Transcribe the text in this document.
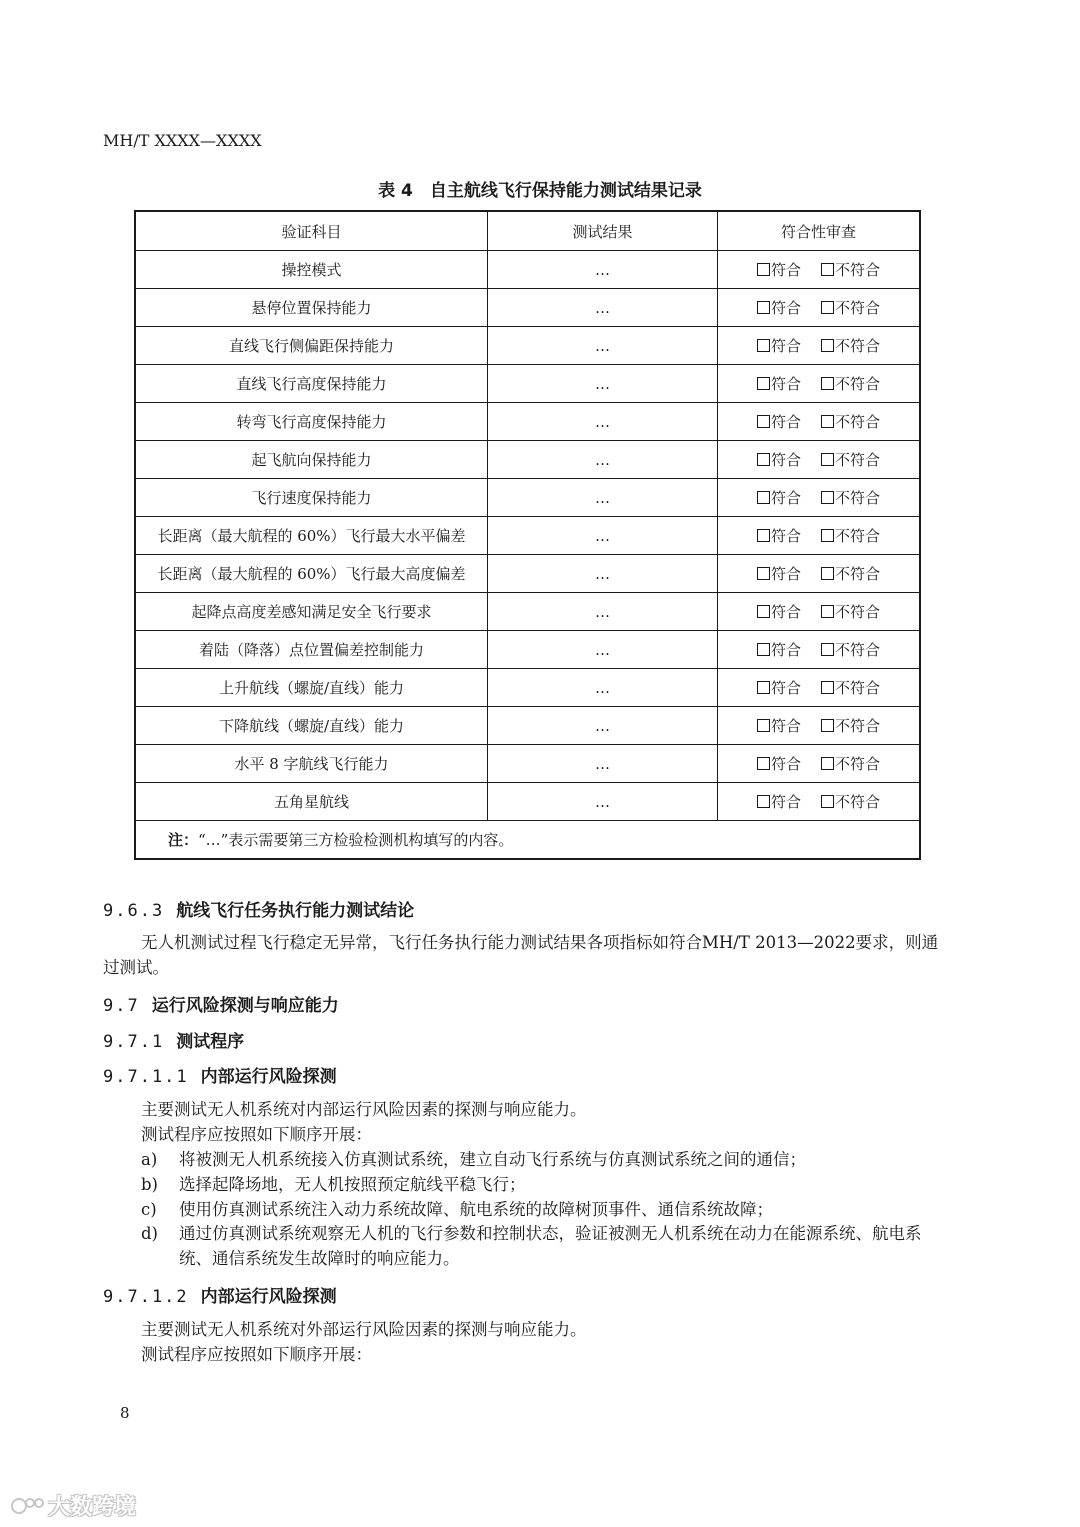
MH/T XXXX—XXXX
表 4　自主航线飞行保持能力测试结果记录
验证科目	测试结果	符合性审查
操控模式	…	符合 不符合
悬停位置保持能力	…	符合 不符合
直线飞行侧偏距保持能力	…	符合 不符合
直线飞行高度保持能力	…	符合 不符合
转弯飞行高度保持能力	…	符合 不符合
起飞航向保持能力	…	符合 不符合
飞行速度保持能力	…	符合 不符合
长距离（最大航程的 60%）飞行最大水平偏差	…	符合 不符合
长距离（最大航程的 60%）飞行最大高度偏差	…	符合 不符合
起降点高度差感知满足安全飞行要求	…	符合 不符合
着陆（降落）点位置偏差控制能力	…	符合 不符合
上升航线（螺旋/直线）能力	…	符合 不符合
下降航线（螺旋/直线）能力	…	符合 不符合
水平 8 字航线飞行能力	…	符合 不符合
五角星航线	…	符合 不符合
注：“…”表示需要第三方检验检测机构填写的内容。		
9.6.3 航线飞行任务执行能力测试结论
无人机测试过程飞行稳定无异常，飞行任务执行能力测试结果各项指标如符合MH/T 2013—2022要求，则通过测试。
9.7 运行风险探测与响应能力
9.7.1 测试程序
9.7.1.1 内部运行风险探测
主要测试无人机系统对内部运行风险因素的探测与响应能力。
测试程序应按照如下顺序开展：
a) 将被测无人机系统接入仿真测试系统，建立自动飞行系统与仿真测试系统之间的通信；
b) 选择起降场地，无人机按照预定航线平稳飞行；
c) 使用仿真测试系统注入动力系统故障、航电系统的故障树顶事件、通信系统故障；
d) 通过仿真测试系统观察无人机的飞行参数和控制状态，验证被测无人机系统在动力在能源系统、航电系统、通信系统发生故障时的响应能力。
9.7.1.2 内部运行风险探测
主要测试无人机系统对外部运行风险因素的探测与响应能力。
测试程序应按照如下顺序开展：
8
大数跨境
